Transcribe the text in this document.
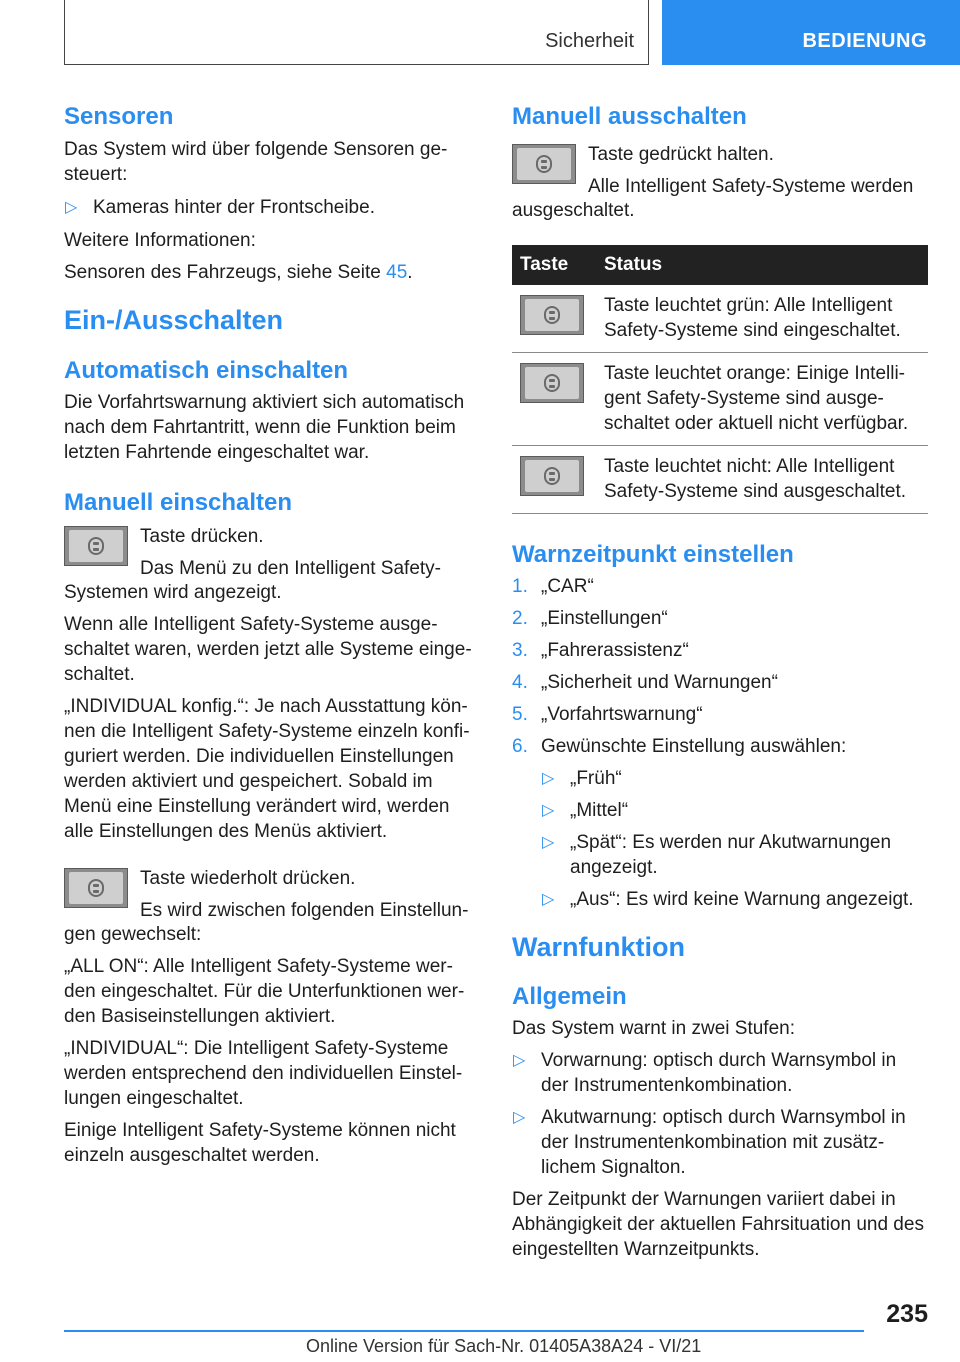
Sicherheit	BEDIENUNG
Sensoren
Das System wird über folgende Sensoren ge-steuert:
▷ Kameras hinter der Frontscheibe.
Weitere Informationen:
Sensoren des Fahrzeugs, siehe Seite 45.
Ein-/Ausschalten
Automatisch einschalten
Die Vorfahrtswarnung aktiviert sich automatisch nach dem Fahrtantritt, wenn die Funktion beim letzten Fahrtende eingeschaltet war.
Manuell einschalten
Taste drücken.
Das Menü zu den Intelligent Safety-
Systemen wird angezeigt.
Wenn alle Intelligent Safety-Systeme ausge-schaltet waren, werden jetzt alle Systeme einge-schaltet.
„INDIVIDUAL konfig.“: Je nach Ausstattung kön-nen die Intelligent Safety-Systeme einzeln konfi-guriert werden. Die individuellen Einstellungen werden aktiviert und gespeichert. Sobald im Menü eine Einstellung verändert wird, werden alle Einstellungen des Menüs aktiviert.
Taste wiederholt drücken.
Es wird zwischen folgenden Einstellun-
gen gewechselt:
„ALL ON“: Alle Intelligent Safety-Systeme wer-den eingeschaltet. Für die Unterfunktionen wer-den Basiseinstellungen aktiviert.
„INDIVIDUAL“: Die Intelligent Safety-Systeme werden entsprechend den individuellen Einstel-lungen eingeschaltet.
Einige Intelligent Safety-Systeme können nicht einzeln ausgeschaltet werden.
Manuell ausschalten
Taste gedrückt halten.
Alle Intelligent Safety-Systeme werden
ausgeschaltet.
Taste	Status

	Taste leuchtet grün: Alle Intelligent Safety-Systeme sind eingeschaltet.

	Taste leuchtet orange: Einige Intelli-gent Safety-Systeme sind ausge-schaltet oder aktuell nicht verfügbar.

	Taste leuchtet nicht: Alle Intelligent Safety-Systeme sind ausgeschaltet.
Warnzeitpunkt einstellen
1. „CAR“
2. „Einstellungen“
3. „Fahrerassistenz“
4. „Sicherheit und Warnungen“
5. „Vorfahrtswarnung“
6. Gewünschte Einstellung auswählen:
▷ „Früh“
▷ „Mittel“
▷ „Spät“: Es werden nur Akutwarnungen angezeigt.
▷ „Aus“: Es wird keine Warnung angezeigt.
Warnfunktion
Allgemein
Das System warnt in zwei Stufen:
▷ Vorwarnung: optisch durch Warnsymbol in der Instrumentenkombination.
▷ Akutwarnung: optisch durch Warnsymbol in der Instrumentenkombination mit zusätz-lichem Signalton.
Der Zeitpunkt der Warnungen variiert dabei in Abhängigkeit der aktuellen Fahrsituation und des eingestellten Warnzeitpunkts.
235
Online Version für Sach-Nr. 01405A38A24 - VI/21
